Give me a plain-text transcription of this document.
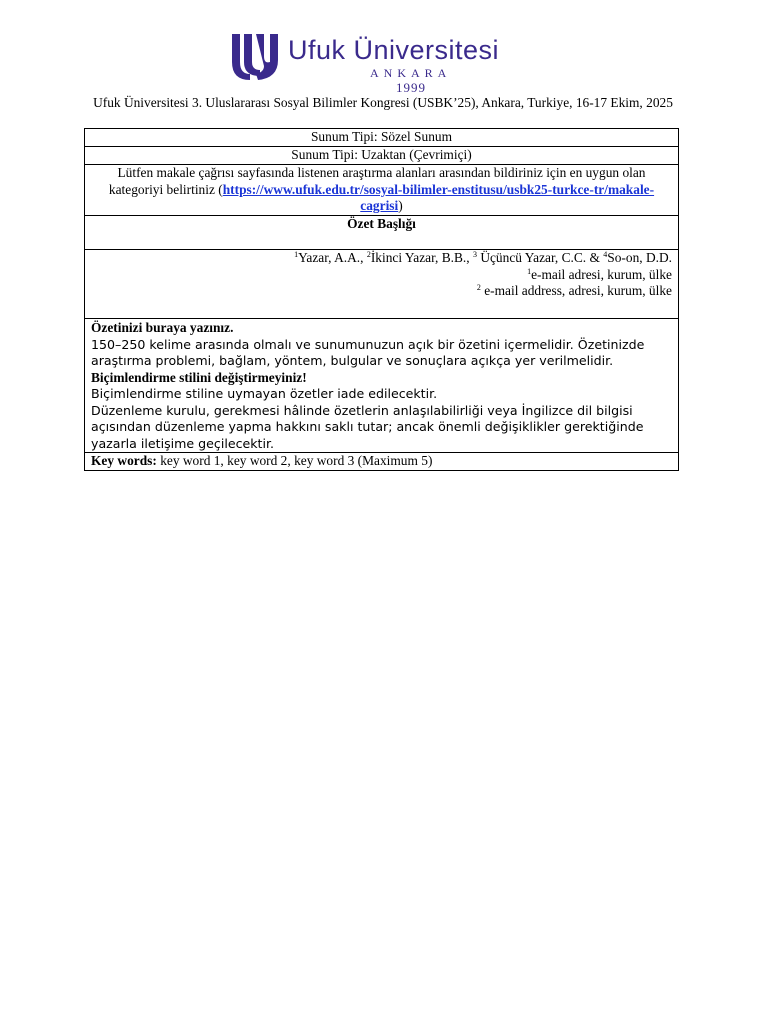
Ufuk Üniversitesi
ANKARA
1999
Ufuk Üniversitesi 3. Uluslararası Sosyal Bilimler Kongresi (USBK’25), Ankara, Turkiye, 16-17 Ekim, 2025
Sunum Tipi: Sözel Sunum
Sunum Tipi: Uzaktan (Çevrimiçi)
Lütfen makale çağrısı sayfasında listenen araştırma alanları arasından bildiriniz için en uygun olan kategoriyi belirtiniz (https://www.ufuk.edu.tr/sosyal-bilimler-enstitusu/usbk25-turkce-tr/makale-cagrisi)
Özet Başlığı

$^1$Yazar, A.A., $^2$İkinci Yazar, B.B., $^3$ Üçüncü Yazar, C.C. & $^4$So-on, D.D.
$^1$e-mail adresi, kurum, ülke
$^2$ e-mail address, adresi, kurum, ülke

Özetinizi buraya yazınız.
150–250 kelime arasında olmalı ve sunumunuzun açık bir özetini içermelidir. Özetinizde araştırma problemi, bağlam, yöntem, bulgular ve sonuçlara açıkça yer verilmelidir.
Biçimlendirme stilini değiştirmeyiniz!
Biçimlendirme stiline uymayan özetler iade edilecektir.
Düzenleme kurulu, gerekmesi hâlinde özetlerin anlaşılabilirliği veya İngilizce dil bilgisi açısından düzenleme yapma hakkını saklı tutar; ancak önemli değişiklikler gerektiğinde yazarla iletişime geçilecektir.

Key words: key word 1, key word 2, key word 3 (Maximum 5)
